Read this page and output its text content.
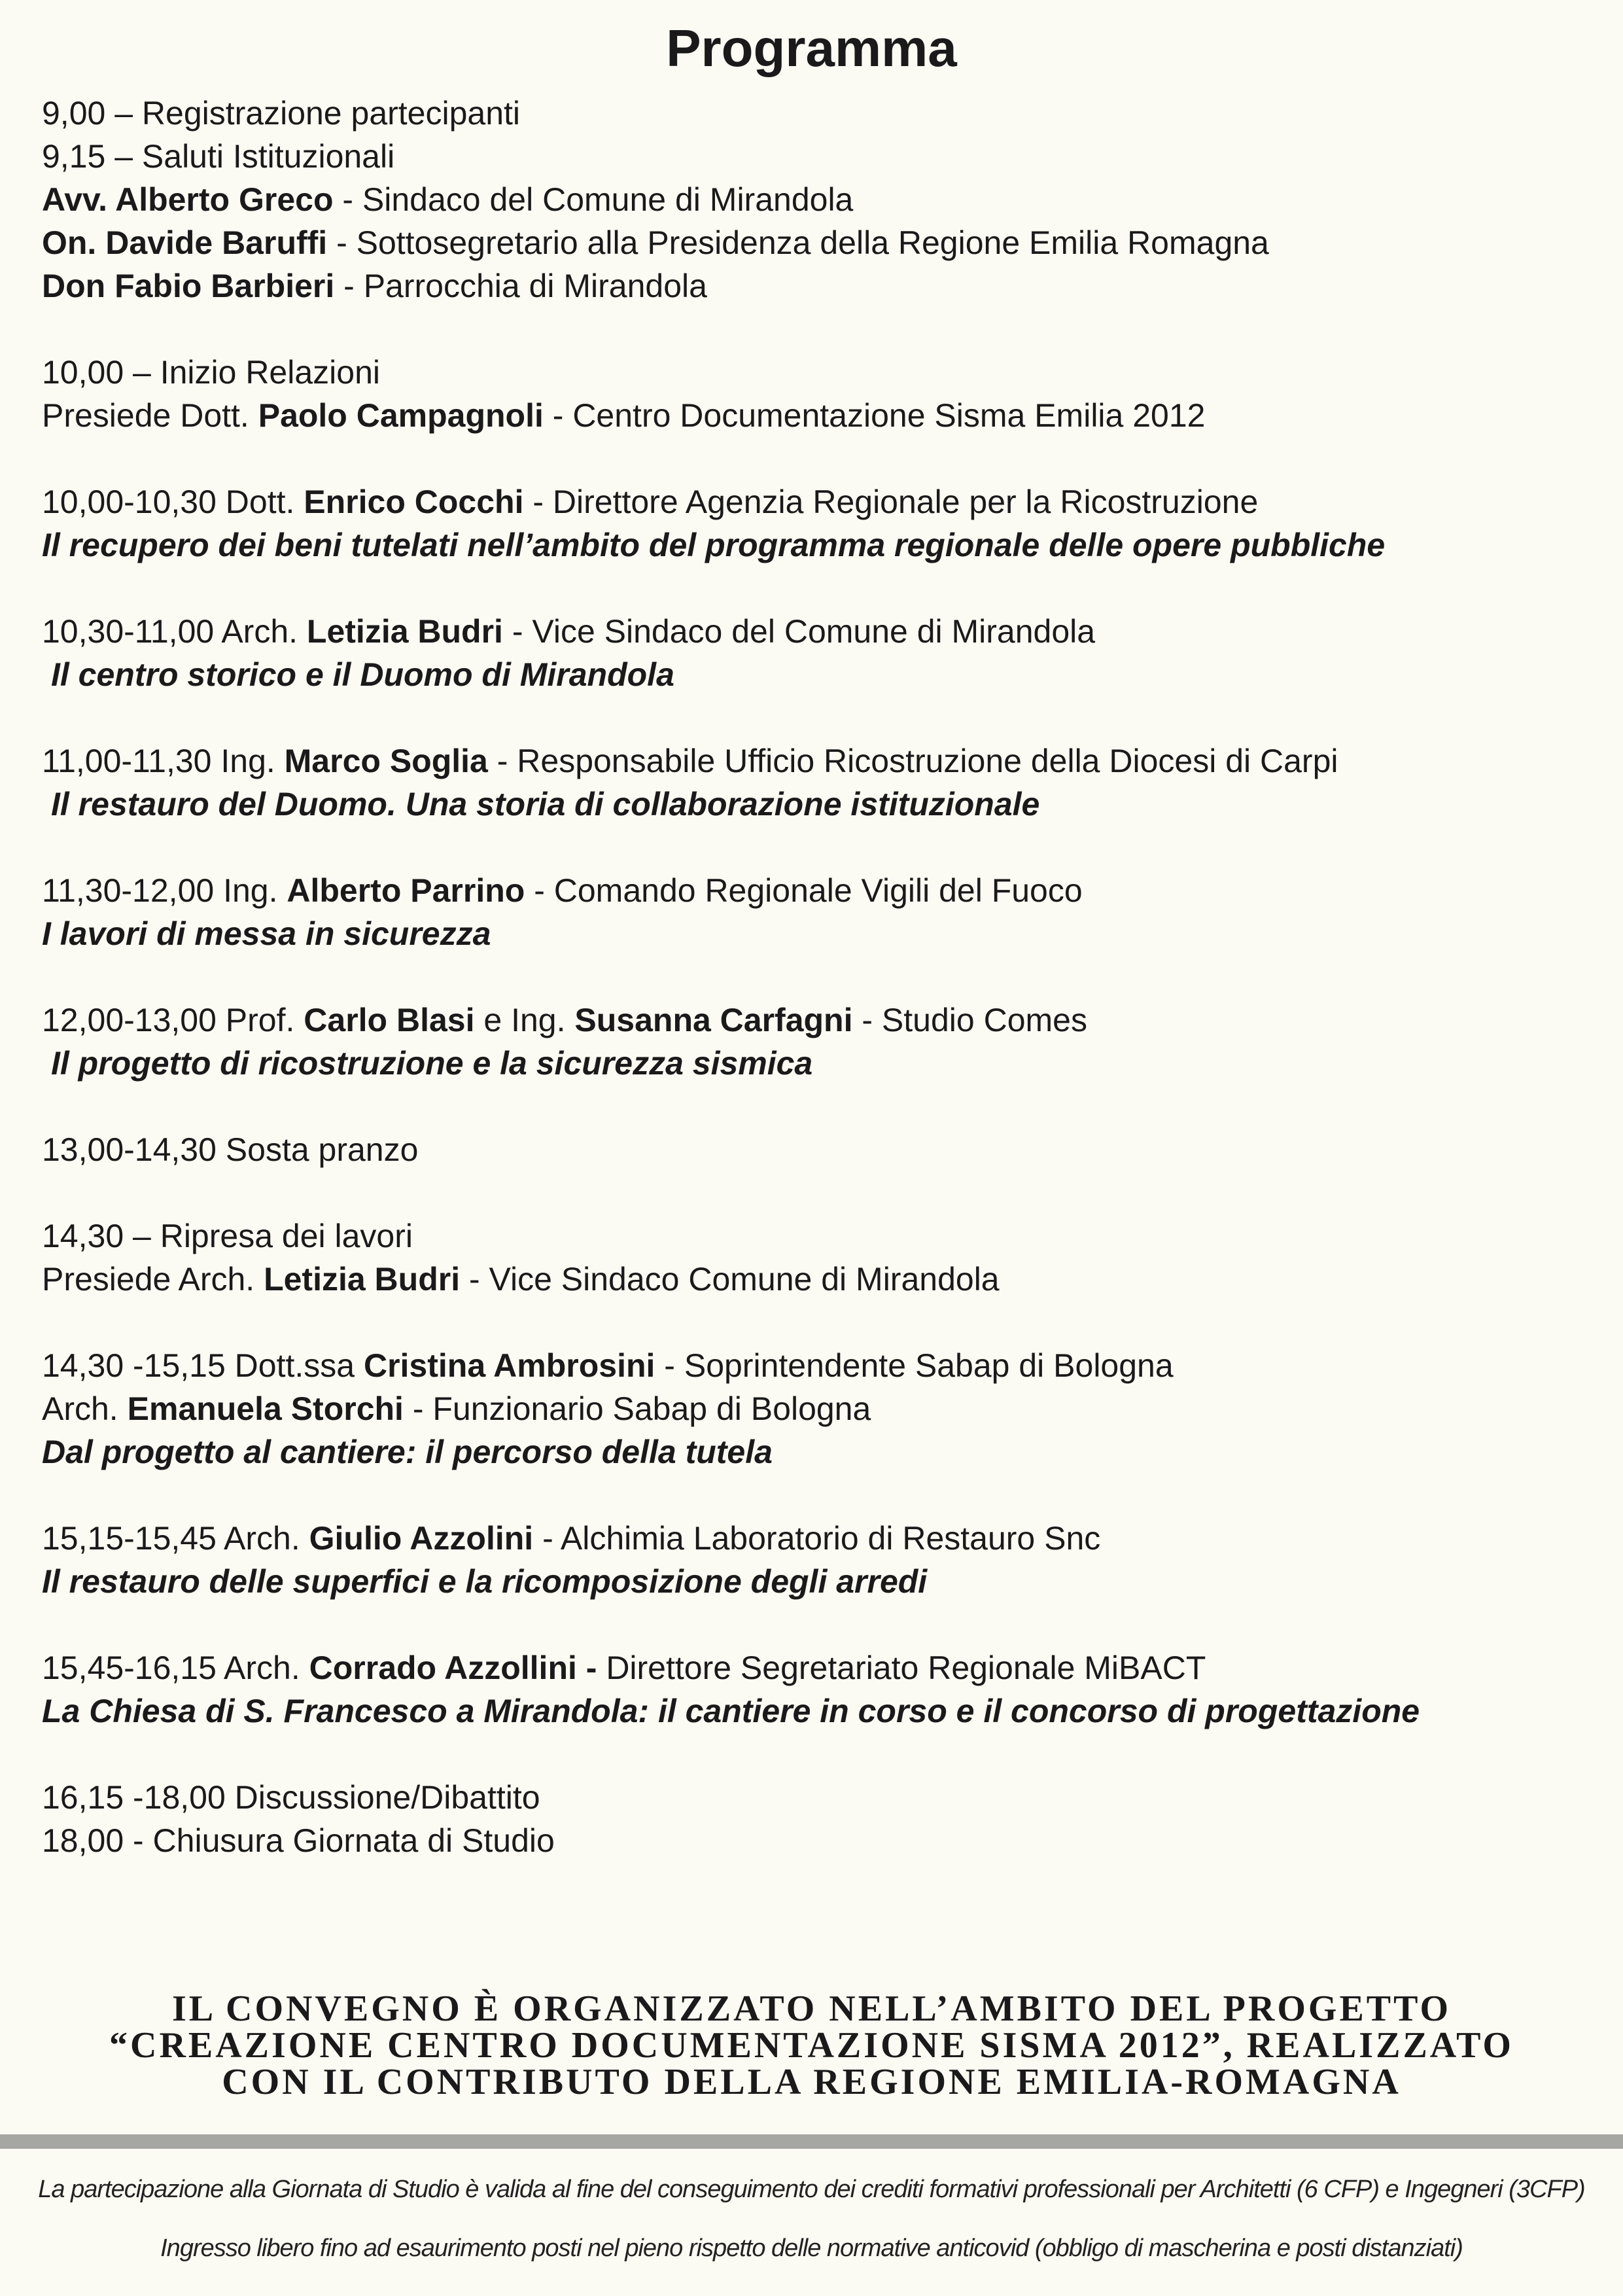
Programma
9,00 – Registrazione partecipanti
9,15 – Saluti Istituzionali
Avv. Alberto Greco - Sindaco del Comune di Mirandola
On. Davide Baruffi - Sottosegretario alla Presidenza della Regione Emilia Romagna
Don Fabio Barbieri - Parrocchia di Mirandola
10,00 – Inizio Relazioni
Presiede Dott. Paolo Campagnoli - Centro Documentazione Sisma Emilia 2012
10,00-10,30 Dott. Enrico Cocchi - Direttore Agenzia Regionale per la Ricostruzione
Il recupero dei beni tutelati nell’ambito del programma regionale delle opere pubbliche
10,30-11,00 Arch. Letizia Budri - Vice Sindaco del Comune di Mirandola
Il centro storico e il Duomo di Mirandola
11,00-11,30 Ing. Marco Soglia - Responsabile Ufficio Ricostruzione della Diocesi di Carpi
Il restauro del Duomo. Una storia di collaborazione istituzionale
11,30-12,00 Ing. Alberto Parrino - Comando Regionale Vigili del Fuoco
I lavori di messa in sicurezza
12,00-13,00 Prof. Carlo Blasi e Ing. Susanna Carfagni - Studio Comes
Il progetto di ricostruzione e la sicurezza sismica
13,00-14,30 Sosta pranzo
14,30 – Ripresa dei lavori
Presiede Arch. Letizia Budri - Vice Sindaco Comune di Mirandola
14,30 -15,15 Dott.ssa Cristina Ambrosini - Soprintendente Sabap di Bologna
Arch. Emanuela Storchi - Funzionario Sabap di Bologna
Dal progetto al cantiere: il percorso della tutela
15,15-15,45 Arch. Giulio Azzolini - Alchimia Laboratorio di Restauro Snc
Il restauro delle superfici e la ricomposizione degli arredi
15,45-16,15 Arch. Corrado Azzollini - Direttore Segretariato Regionale MiBACT
La Chiesa di S. Francesco a Mirandola: il cantiere in corso e il concorso di progettazione
16,15 -18,00 Discussione/Dibattito
18,00 - Chiusura Giornata di Studio
IL CONVEGNO È ORGANIZZATO NELL’AMBITO DEL PROGETTO
“CREAZIONE CENTRO DOCUMENTAZIONE SISMA 2012”, REALIZZATO
CON IL CONTRIBUTO DELLA REGIONE EMILIA-ROMAGNA
La partecipazione alla Giornata di Studio è valida al fine del conseguimento dei crediti formativi professionali per Architetti (6 CFP) e Ingegneri (3CFP)
Ingresso libero fino ad esaurimento posti nel pieno rispetto delle normative anticovid (obbligo di mascherina e posti distanziati)
